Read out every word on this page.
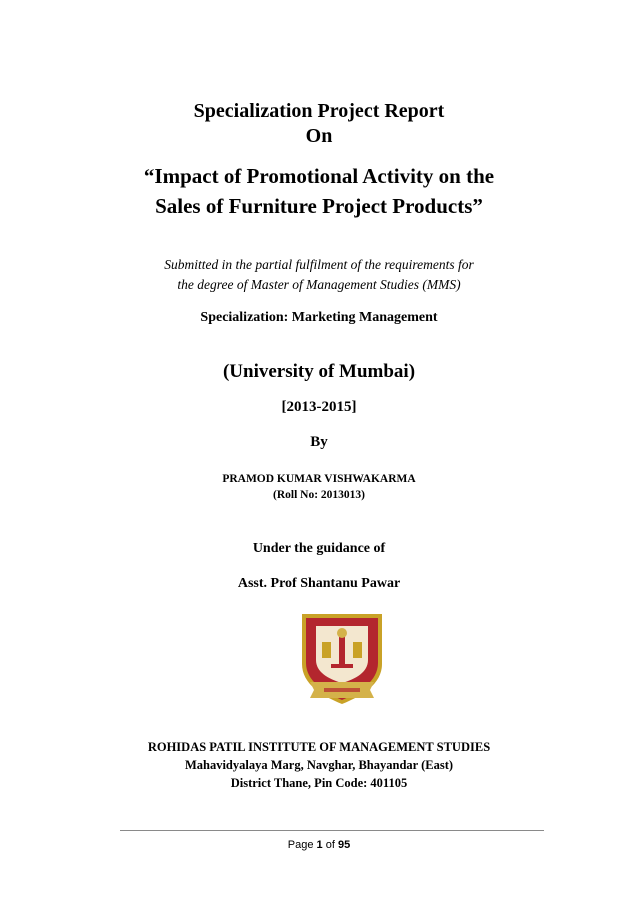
Specialization Project Report
On
“Impact of Promotional Activity on the
Sales of Furniture Project Products”
Submitted in the partial fulfilment of the requirements for
the degree of Master of Management Studies (MMS)
Specialization: Marketing Management
(University of Mumbai)
[2013-2015]
By
PRAMOD KUMAR VISHWAKARMA
(Roll No: 2013013)
Under the guidance of
Asst. Prof Shantanu Pawar
ROHIDAS PATIL INSTITUTE OF MANAGEMENT STUDIES
Mahavidyalaya Marg, Navghar, Bhayandar (East)
District Thane, Pin Code: 401105
Page 1 of 95
